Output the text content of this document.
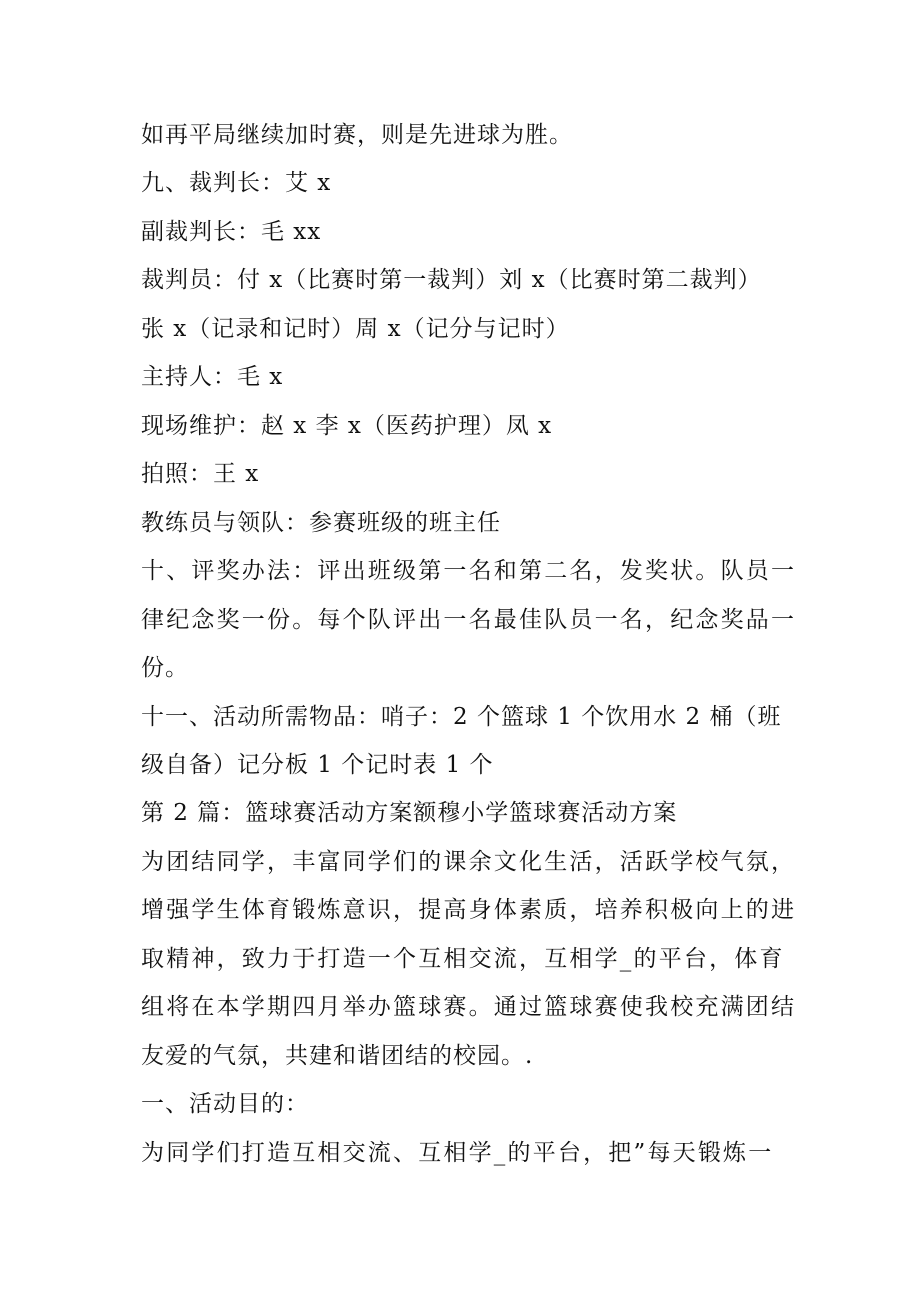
如再平局继续加时赛，则是先进球为胜。
九、裁判长：艾 x
副裁判长：毛 xx
裁判员：付 x（比赛时第一裁判）刘 x（比赛时第二裁判）
张 x（记录和记时）周 x（记分与记时）
主持人：毛 x
现场维护：赵 x 李 x（医药护理）凤 x
拍照：王 x
教练员与领队：参赛班级的班主任
十、评奖办法：评出班级第一名和第二名，发奖状。队员一
律纪念奖一份。每个队评出一名最佳队员一名，纪念奖品一
份。
十一、活动所需物品：哨子：2 个篮球 1 个饮用水 2 桶（班
级自备）记分板 1 个记时表 1 个
第 2 篇：篮球赛活动方案额穆小学篮球赛活动方案
为团结同学，丰富同学们的课余文化生活，活跃学校气氛，
增强学生体育锻炼意识，提高身体素质，培养积极向上的进
取精神，致力于打造一个互相交流，互相学_的平台，体育
组将在本学期四月举办篮球赛。通过篮球赛使我校充满团结
友爱的气氛，共建和谐团结的校园。.
一、活动目的：
为同学们打造互相交流、互相学_的平台，把”每天锻炼一
